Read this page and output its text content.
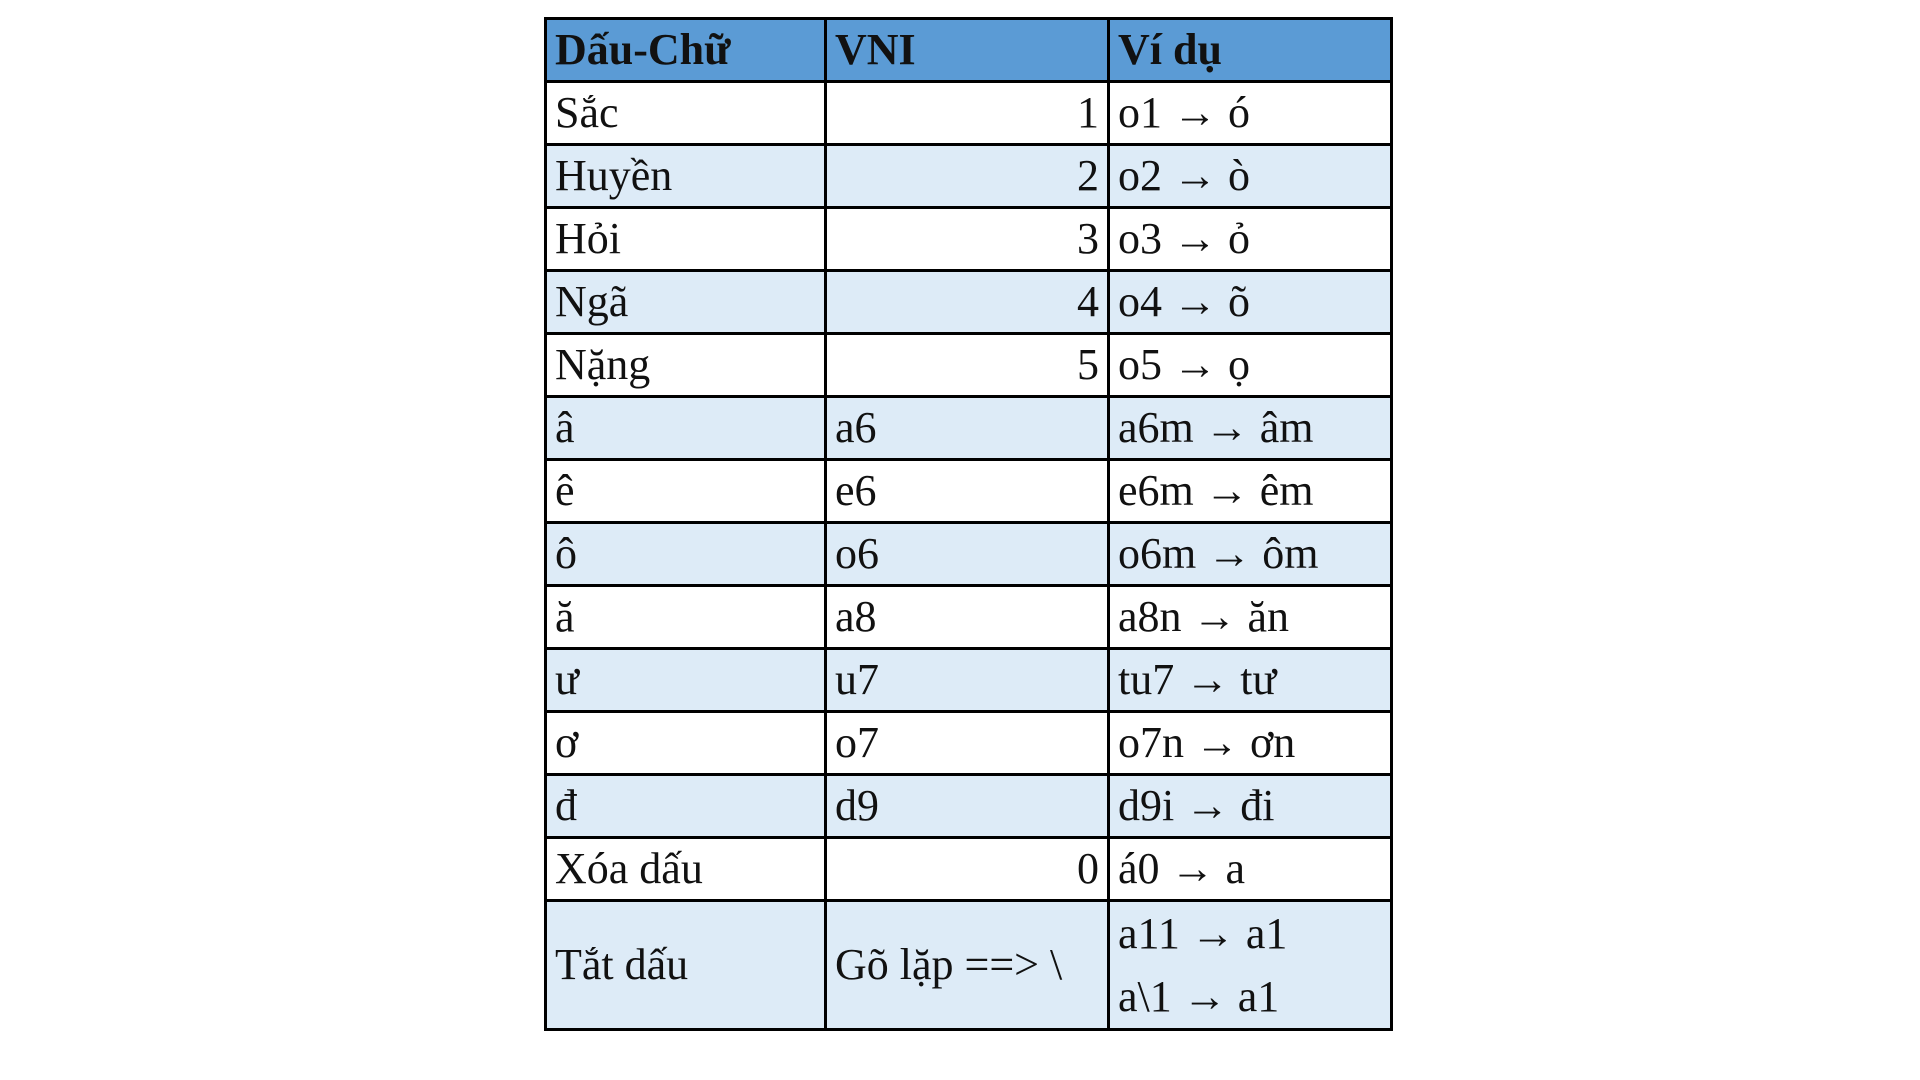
Dấu-Chữ	VNI	Ví dụ
Sắc	1	o1 → ó
Huyền	2	o2 → ò
Hỏi	3	o3 → ỏ
Ngã	4	o4 → õ
Nặng	5	o5 → ọ
â	a6	a6m → âm
ê	e6	e6m → êm
ô	o6	o6m → ôm
ă	a8	a8n → ăn
ư	u7	tu7 → tư
ơ	o7	o7n → ơn
đ	d9	d9i → đi
Xóa dấu	0	á0 → a
Tắt dấu	Gõ lặp ==> \	a11 → a1
a\1 → a1
